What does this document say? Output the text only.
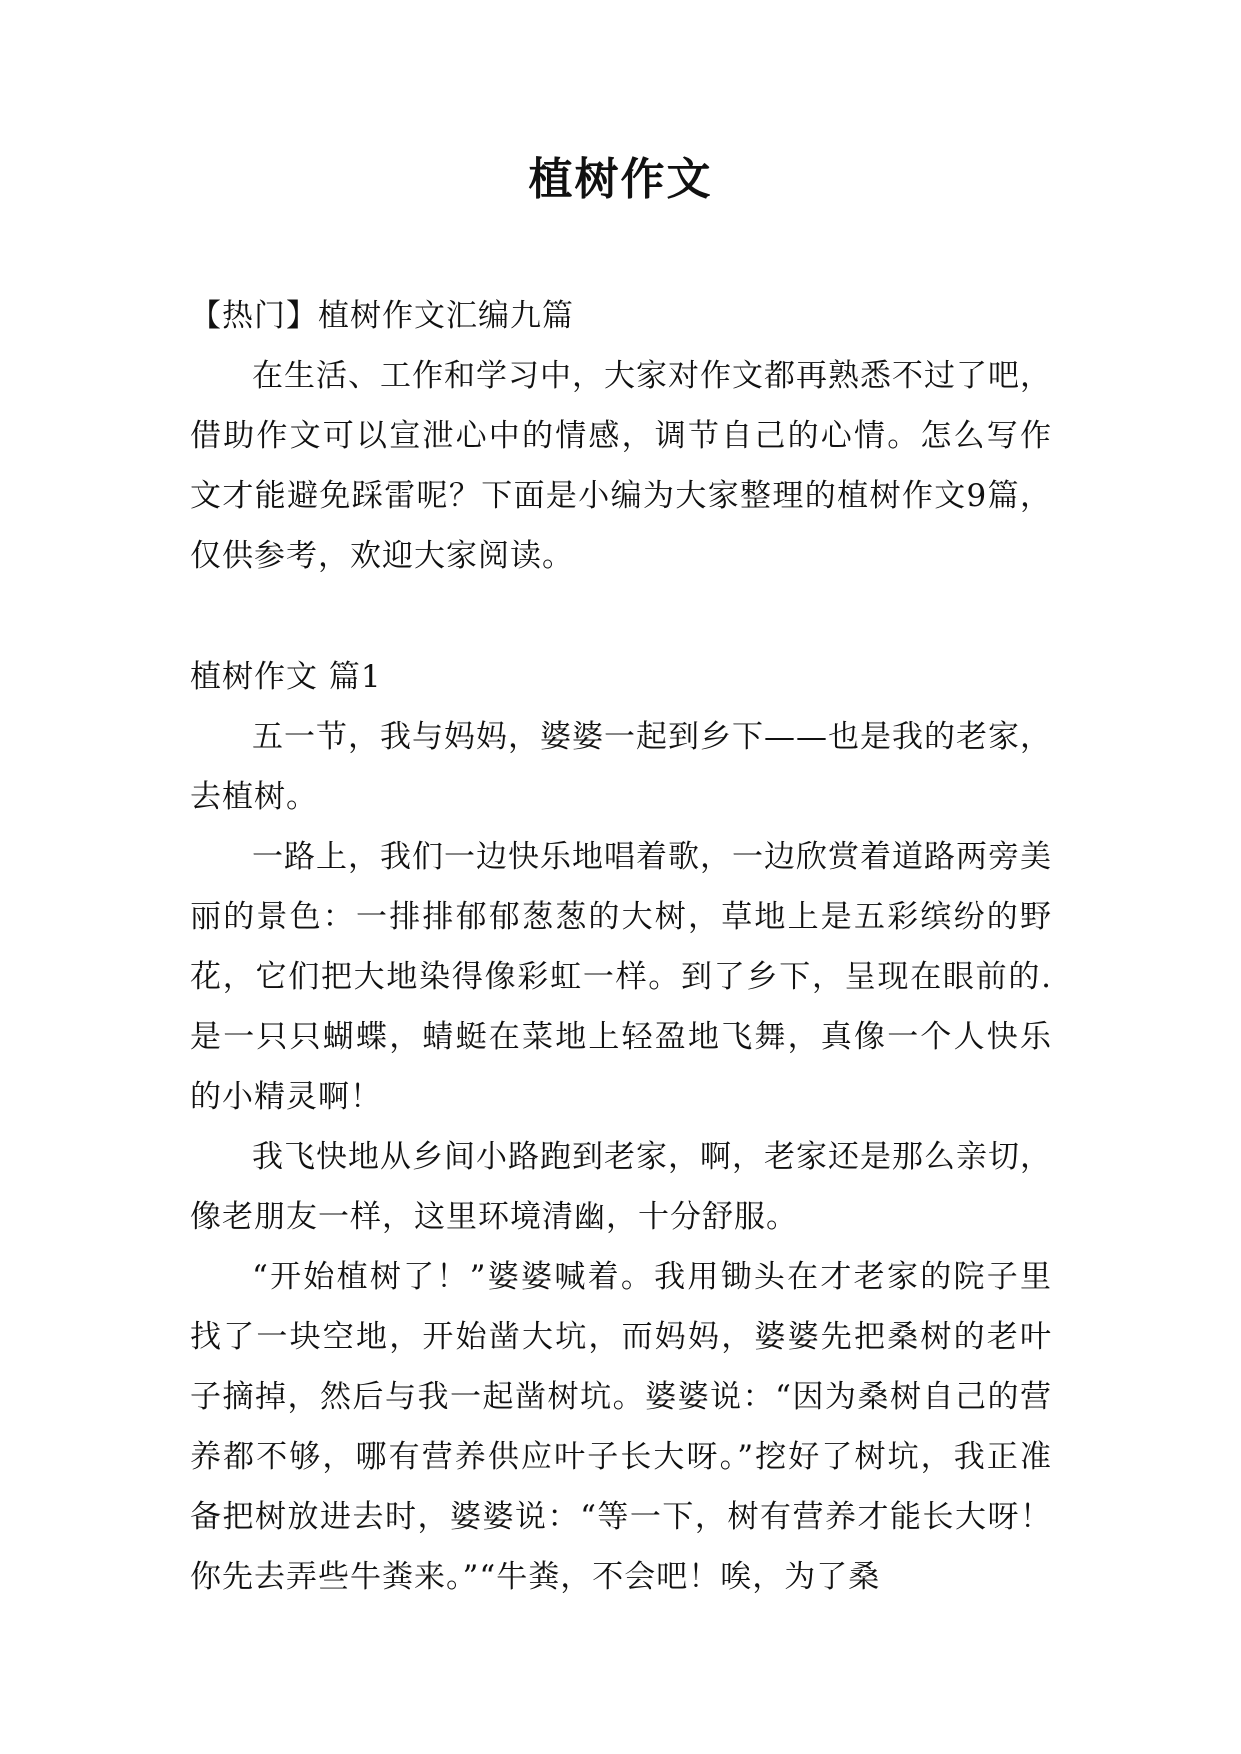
植树作文

【热门】植树作文汇编九篇

在生活、工作和学习中，大家对作文都再熟悉不过了吧，借助作文可以宣泄心中的情感，调节自己的心情。怎么写作文才能避免踩雷呢？下面是小编为大家整理的植树作文9篇，仅供参考，欢迎大家阅读。

植树作文 篇1

五一节，我与妈妈，婆婆一起到乡下——也是我的老家，去植树。

一路上，我们一边快乐地唱着歌，一边欣赏着道路两旁美丽的景色：一排排郁郁葱葱的大树，草地上是五彩缤纷的野花，它们把大地染得像彩虹一样。到了乡下，呈现在眼前的.是一只只蝴蝶，蜻蜓在菜地上轻盈地飞舞，真像一个人快乐的小精灵啊！

我飞快地从乡间小路跑到老家，啊，老家还是那么亲切，像老朋友一样，这里环境清幽，十分舒服。

“开始植树了！”婆婆喊着。我用锄头在才老家的院子里找了一块空地，开始凿大坑，而妈妈，婆婆先把桑树的老叶子摘掉，然后与我一起凿树坑。婆婆说：“因为桑树自己的营养都不够，哪有营养供应叶子长大呀。”挖好了树坑，我正准备把树放进去时，婆婆说：“等一下，树有营养才能长大呀！你先去弄些牛粪来。”“牛粪，不会吧！唉，为了桑
